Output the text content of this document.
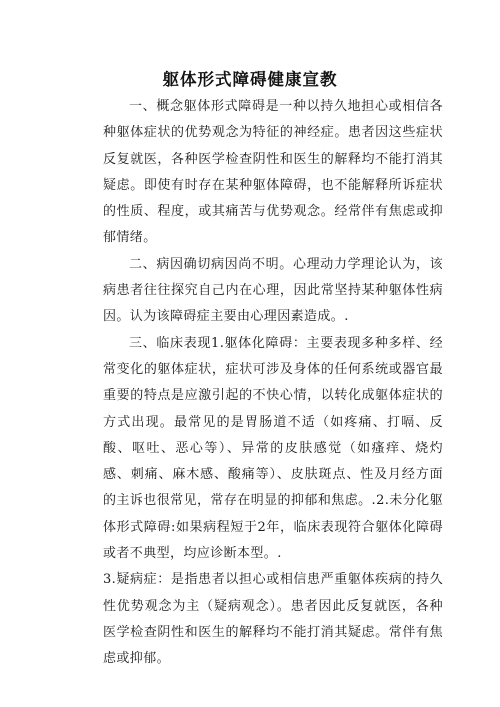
躯体形式障碍健康宣教

一、概念躯体形式障碍是一种以持久地担心或相信各种躯体症状的优势观念为特征的神经症。患者因这些症状反复就医，各种医学检查阴性和医生的解释均不能打消其疑虑。即使有时存在某种躯体障碍，也不能解释所诉症状的性质、程度，或其痛苦与优势观念。经常伴有焦虑或抑郁情绪。

二、病因确切病因尚不明。心理动力学理论认为，该病患者往往探究自己内在心理，因此常坚持某种躯体性病因。认为该障碍症主要由心理因素造成。.

三、临床表现1.躯体化障碍：主要表现多种多样、经常变化的躯体症状，症状可涉及身体的任何系统或器官最重要的特点是应激引起的不快心情，以转化成躯体症状的方式出现。最常见的是胃肠道不适（如疼痛、打嗝、反酸、呕吐、恶心等）、异常的皮肤感觉（如瘙痒、烧灼感、刺痛、麻木感、酸痛等）、皮肤斑点、性及月经方面的主诉也很常见，常存在明显的抑郁和焦虑。.2.未分化躯体形式障碍:如果病程短于2年，临床表现符合躯体化障碍或者不典型，均应诊断本型。.

3.疑病症：是指患者以担心或相信患严重躯体疾病的持久性优势观念为主（疑病观念）。患者因此反复就医，各种医学检查阴性和医生的解释均不能打消其疑虑。常伴有焦虑或抑郁。
